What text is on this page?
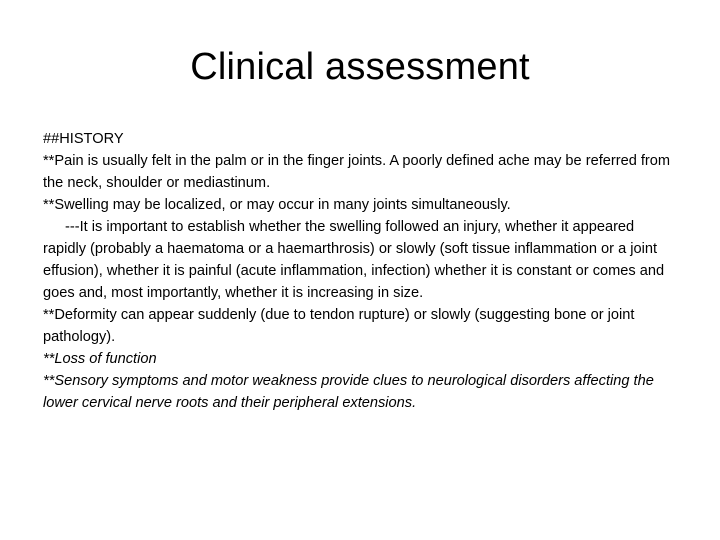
Clinical assessment

##HISTORY

**Pain is usually felt in the palm or in the finger joints. A poorly defined ache may be referred from the neck, shoulder or mediastinum.

**Swelling may be localized, or may occur in many joints simultaneously.

---It is important to establish whether the swelling followed an injury, whether it appeared rapidly (probably a haematoma or a haemarthrosis) or slowly (soft tissue inflammation or a joint effusion), whether it is painful (acute inflammation, infection) whether it is constant or comes and goes and, most importantly, whether it is increasing in size.

**Deformity can appear suddenly (due to tendon rupture) or slowly (suggesting bone or joint pathology).

**Loss of function

**Sensory symptoms and motor weakness provide clues to neurological disorders affecting the lower cervical nerve roots and their peripheral extensions.
